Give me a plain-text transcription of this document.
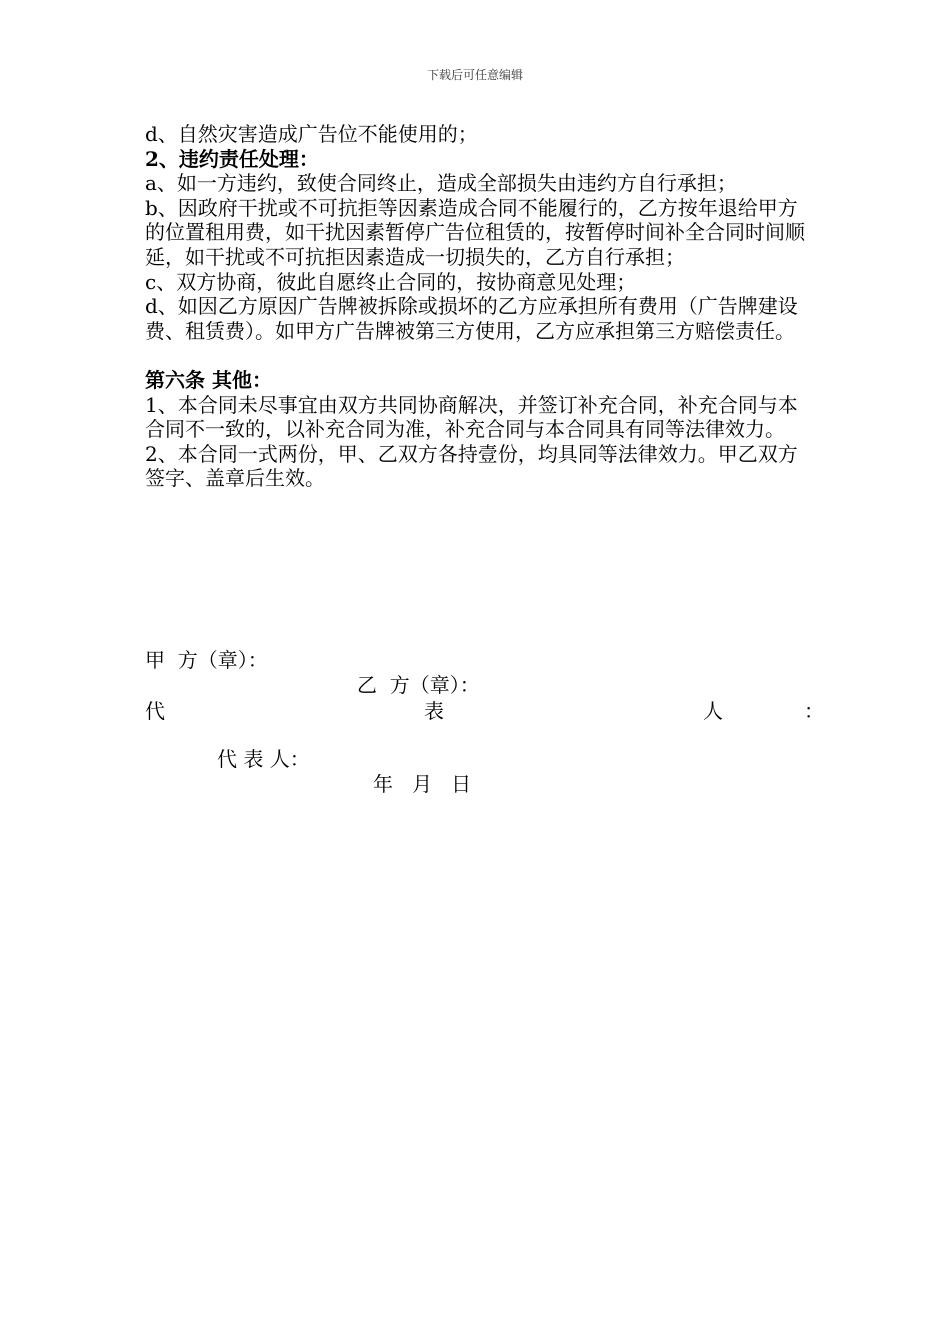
下载后可任意编辑

d、自然灾害造成广告位不能使用的；

2、违约责任处理：

a、如一方违约，致使合同终止，造成全部损失由违约方自行承担；

b、因政府干扰或不可抗拒等因素造成合同不能履行的，乙方按年退给甲方的位置租用费，如干扰因素暂停广告位租赁的，按暂停时间补全合同时间顺延，如干扰或不可抗拒因素造成一切损失的，乙方自行承担；

c、双方协商，彼此自愿终止合同的，按协商意见处理；

d、如因乙方原因广告牌被拆除或损坏的乙方应承担所有费用（广告牌建设费、租赁费）。如甲方广告牌被第三方使用，乙方应承担第三方赔偿责任。

第六条 其他：

1、本合同未尽事宜由双方共同协商解决，并签订补充合同，补充合同与本合同不一致的，以补充合同为准，补充合同与本合同具有同等法律效力。

2、本合同一式两份，甲、乙双方各持壹份，均具同等法律效力。甲乙双方签字、盖章后生效。

甲  方（章）：
乙  方（章）：
代	表	人	：
代 表 人：
年   月   日
